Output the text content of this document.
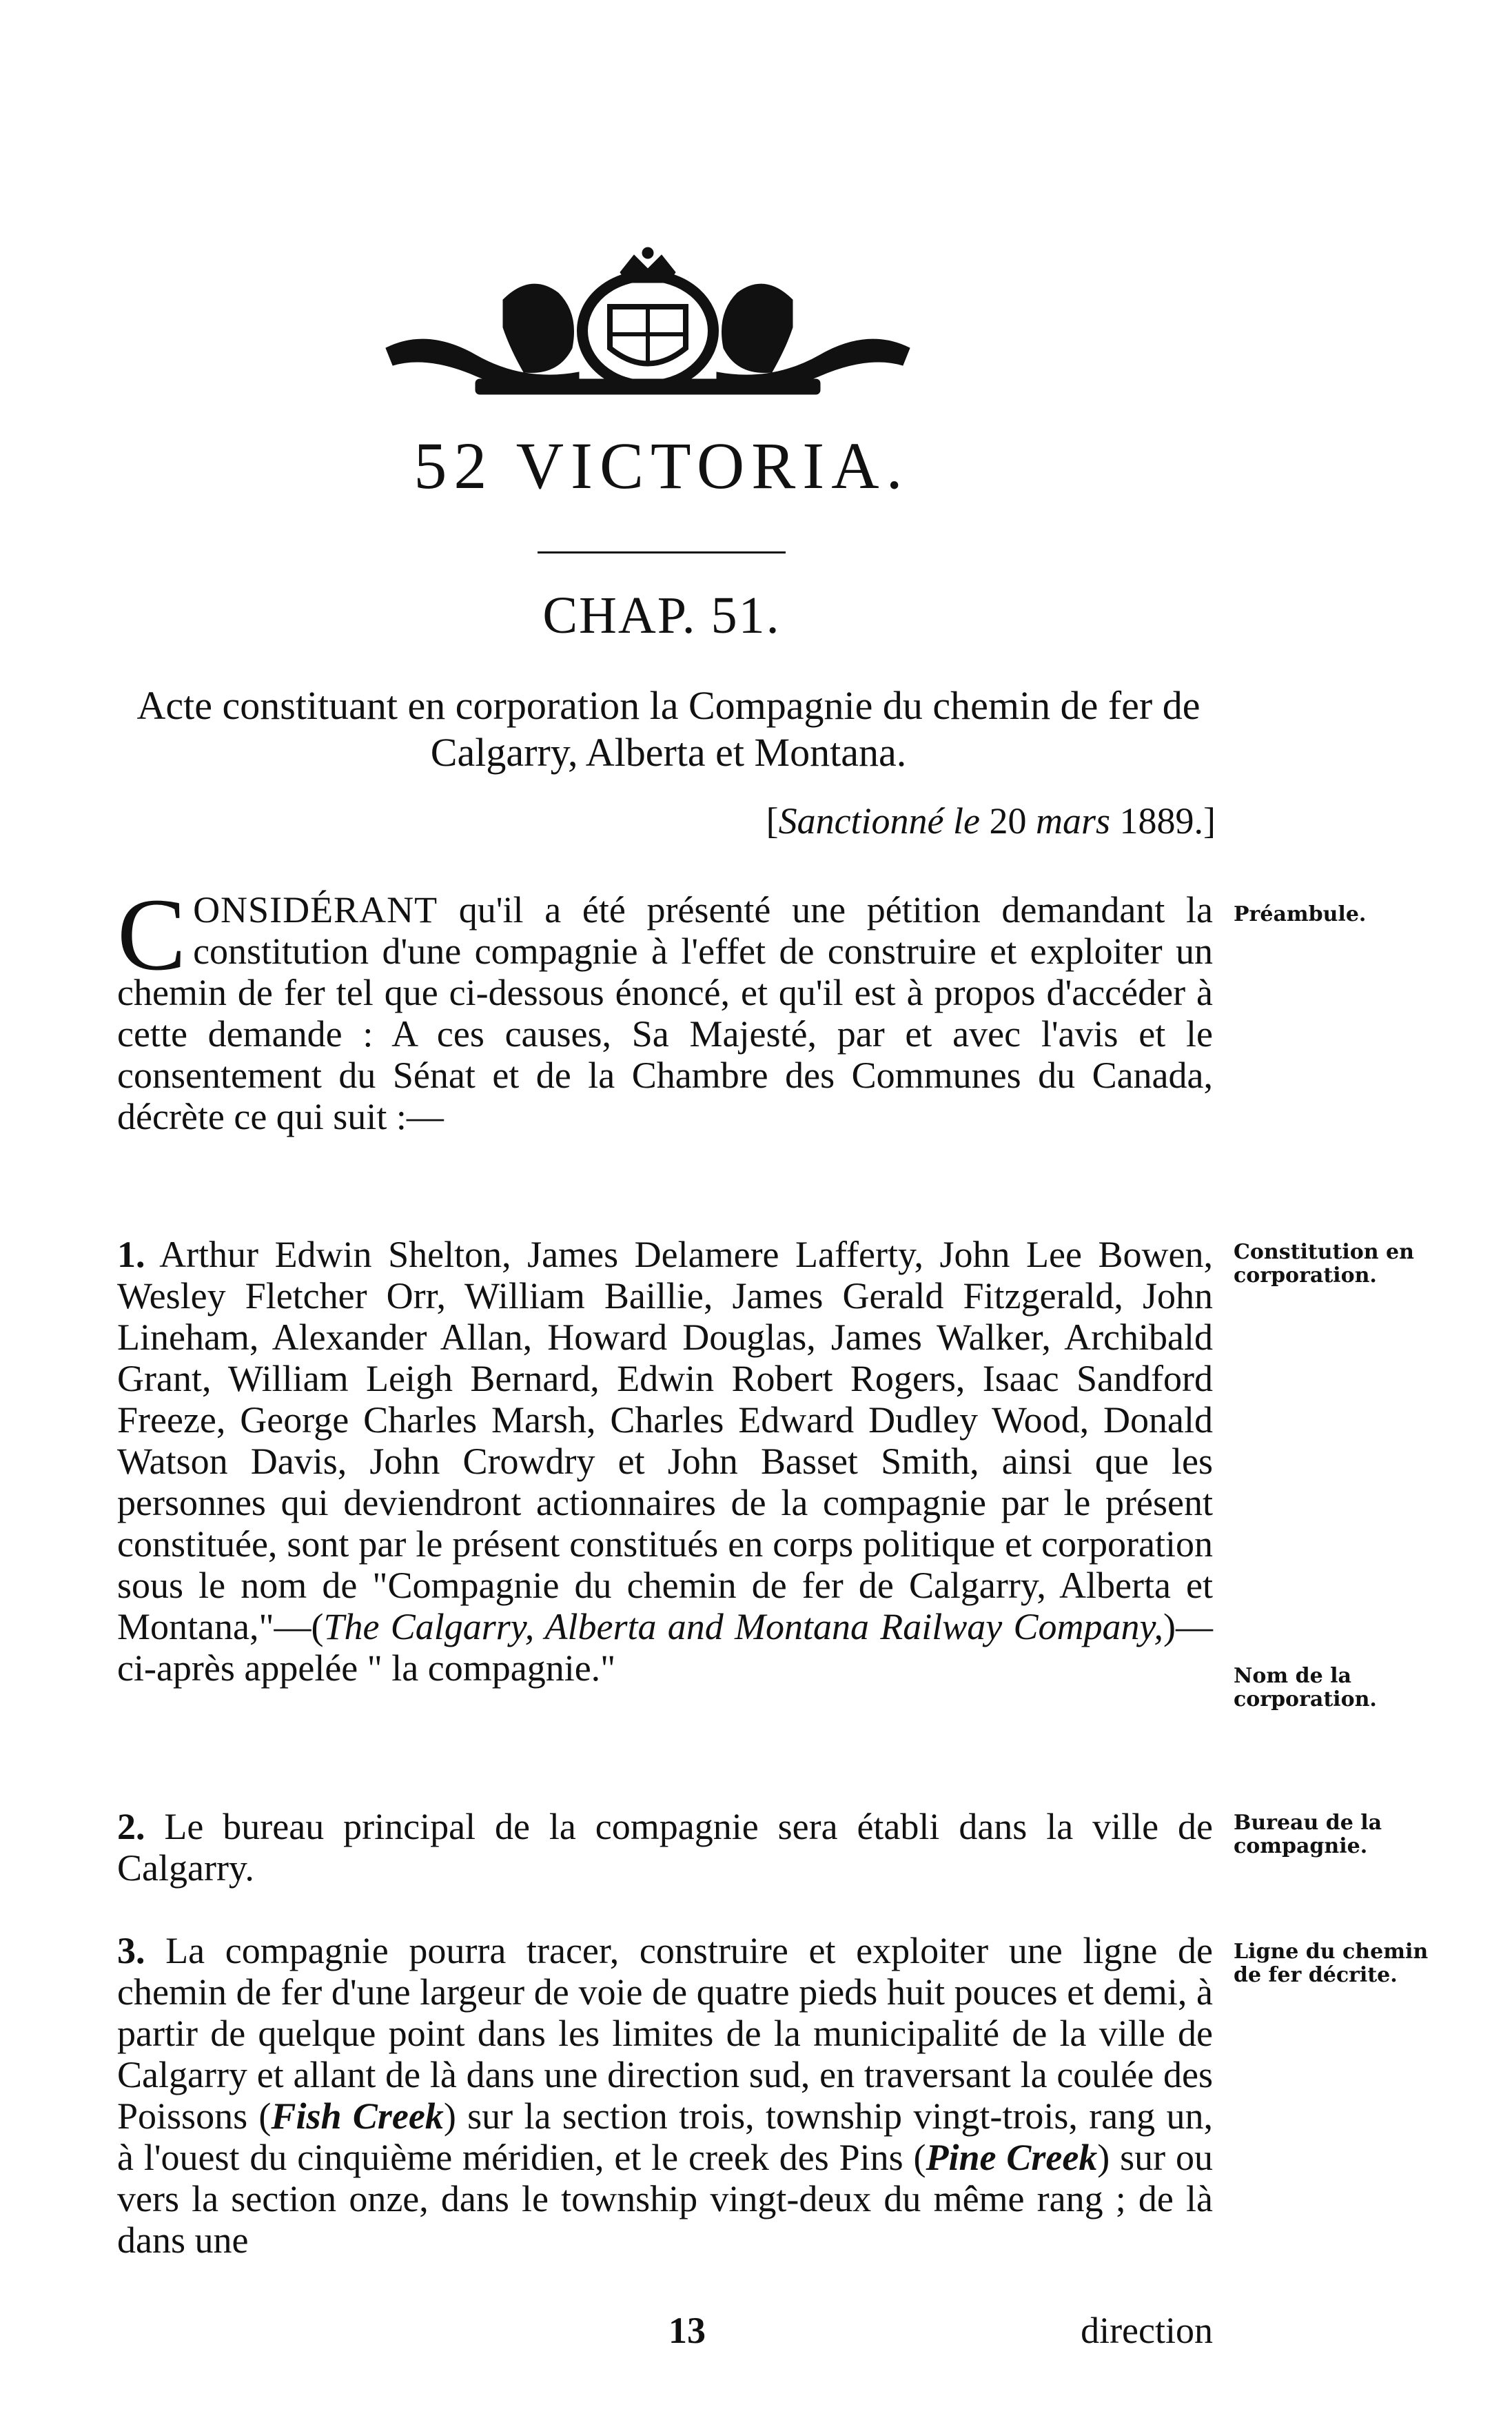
52 VICTORIA.
CHAP. 51.
Acte constituant en corporation la Compagnie du chemin de fer de Calgarry, Alberta et Montana.
[Sanctionné le 20 mars 1889.]
CONSIDÉRANT qu'il a été présenté une pétition demandant la constitution d'une compagnie à l'effet de construire et exploiter un chemin de fer tel que ci-dessous énoncé, et qu'il est à propos d'accéder à cette demande : A ces causes, Sa Majesté, par et avec l'avis et le consentement du Sénat et de la Chambre des Communes du Canada, décrète ce qui suit :—
1. Arthur Edwin Shelton, James Delamere Lafferty, John Lee Bowen, Wesley Fletcher Orr, William Baillie, James Gerald Fitzgerald, John Lineham, Alexander Allan, Howard Douglas, James Walker, Archibald Grant, William Leigh Bernard, Edwin Robert Rogers, Isaac Sandford Freeze, George Charles Marsh, Charles Edward Dudley Wood, Donald Watson Davis, John Crowdry et John Basset Smith, ainsi que les personnes qui deviendront actionnaires de la compagnie par le présent constituée, sont par le présent constitués en corps politique et corporation sous le nom de "Compagnie du chemin de fer de Calgarry, Alberta et Montana,"—(The Calgarry, Alberta and Montana Railway Company,)—ci-après appelée " la compagnie."
2. Le bureau principal de la compagnie sera établi dans la ville de Calgarry.
3. La compagnie pourra tracer, construire et exploiter une ligne de chemin de fer d'une largeur de voie de quatre pieds huit pouces et demi, à partir de quelque point dans les limites de la municipalité de la ville de Calgarry et allant de là dans une direction sud, en traversant la coulée des Poissons (Fish Creek) sur la section trois, township vingt-trois, rang un, à l'ouest du cinquième méridien, et le creek des Pins (Pine Creek) sur ou vers la section onze, dans le township vingt-deux du même rang ; de là dans une
Préambule.
Constitution en corporation.
Nom de la corporation.
Bureau de la compagnie.
Ligne du chemin de fer décrite.
13	direction
